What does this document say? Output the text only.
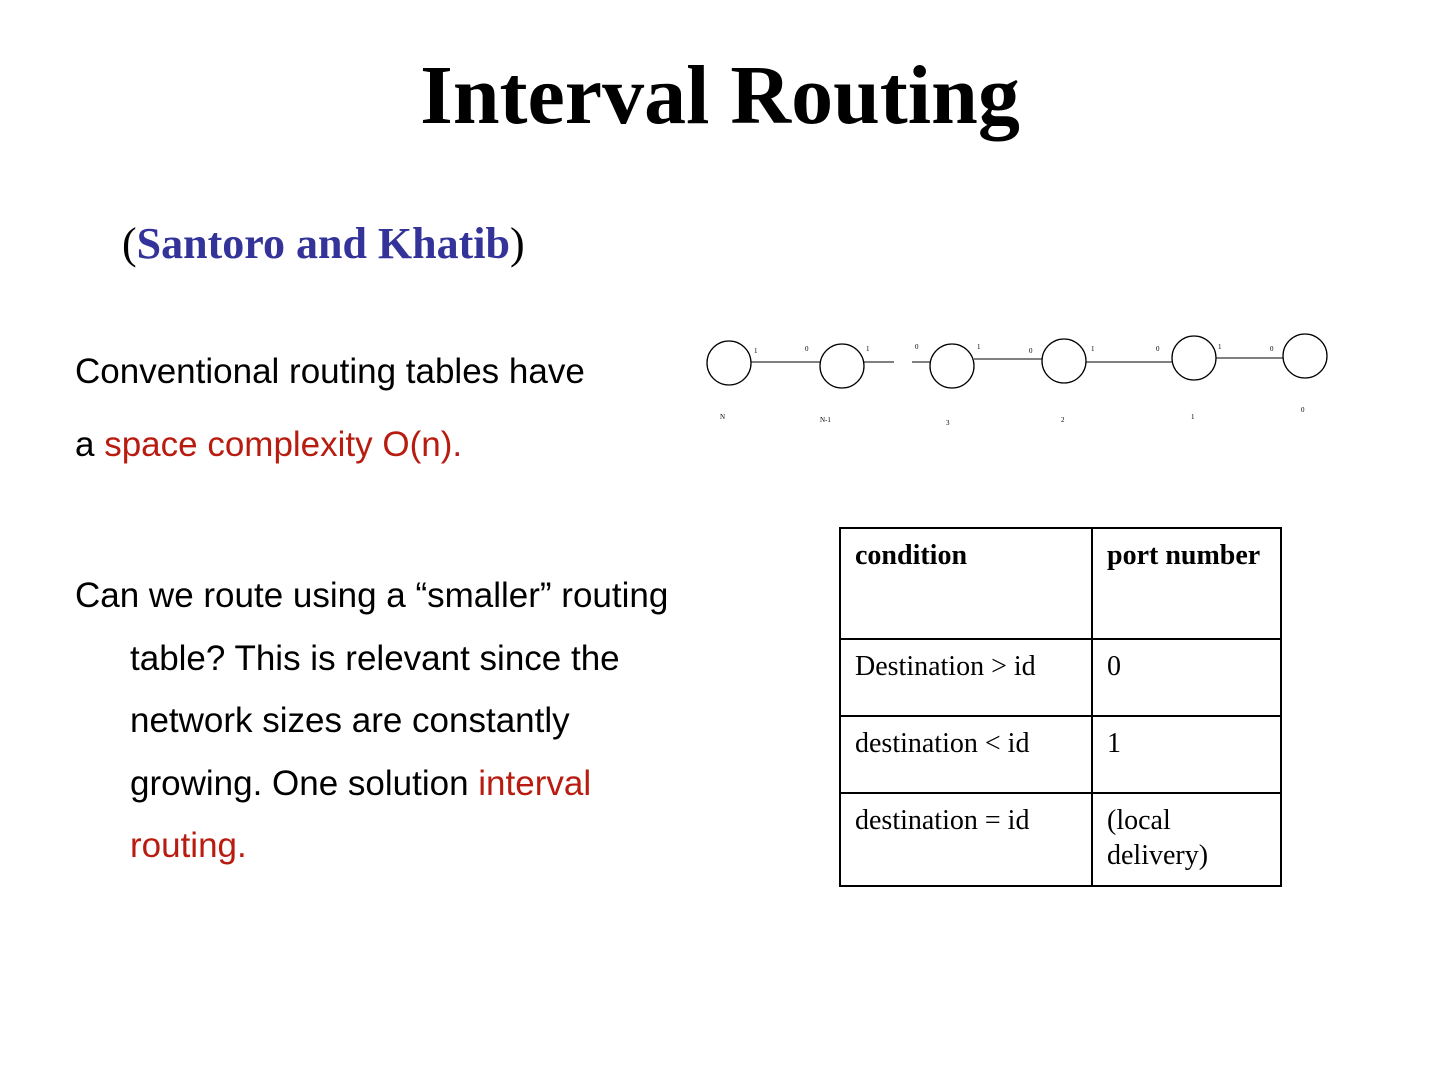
Interval Routing
(Santoro and Khatib)
Conventional routing tables have
a space complexity O(n).
Can we route using a “smaller” routing
table? This is relevant since the
network sizes are constantly
growing. One solution interval
routing.
1	0	1	0	1	0	1	0	1	0
N	N-1	3	2	1
0
condition	port number
Destination > id	0
destination < id	1
destination = id	(local delivery)
